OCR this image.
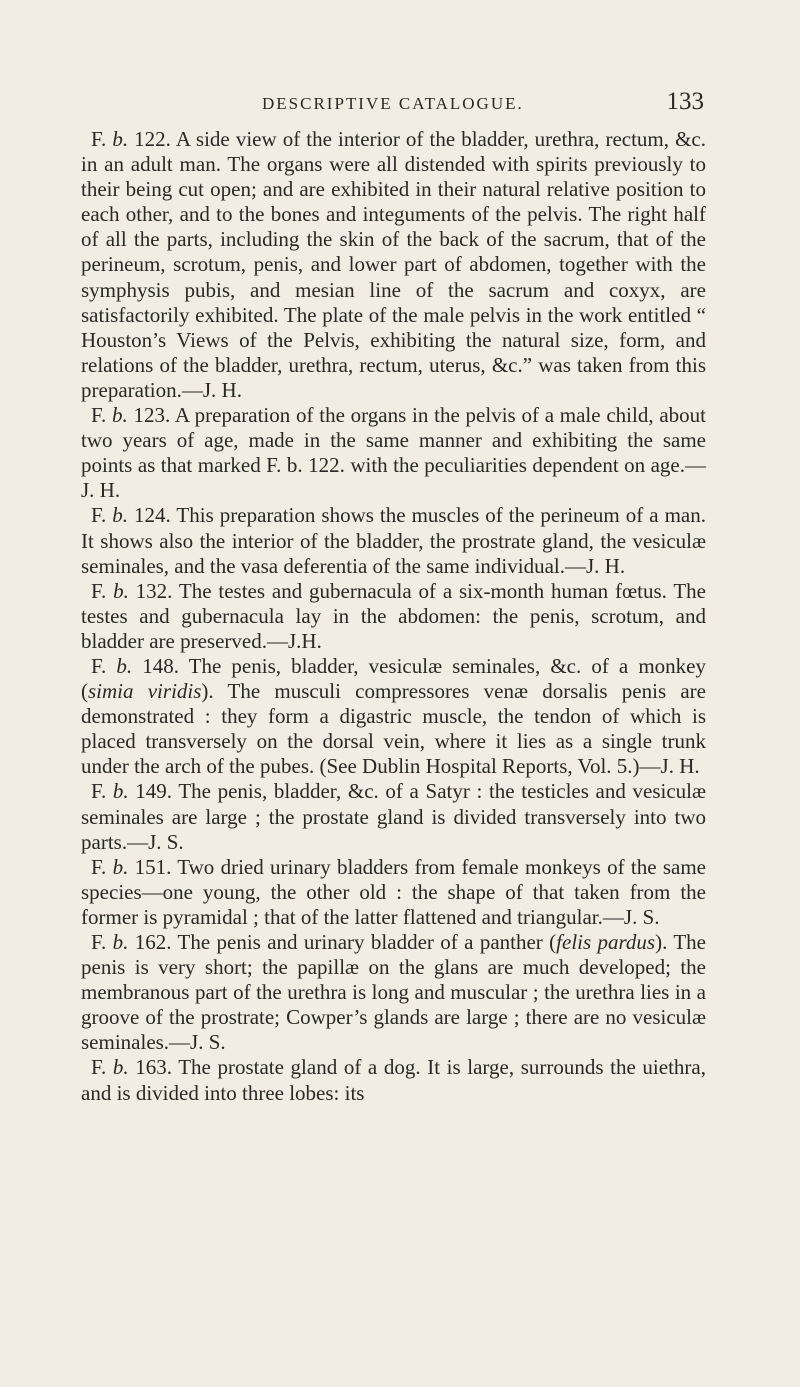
DESCRIPTIVE CATALOGUE.	133

F. b. 122. A side view of the interior of the bladder, urethra, rectum, &c. in an adult man. The organs were all distended with spirits previously to their being cut open; and are exhibited in their natural relative position to each other, and to the bones and integuments of the pelvis. The right half of all the parts, including the skin of the back of the sacrum, that of the perineum, scrotum, penis, and lower part of abdomen, together with the symphysis pubis, and mesian line of the sacrum and coxyx, are satisfactorily exhibited. The plate of the male pelvis in the work entitled “ Houston’s Views of the Pelvis, exhibiting the natural size, form, and relations of the bladder, urethra, rectum, uterus, &c.” was taken from this preparation.—J. H.

F. b. 123. A preparation of the organs in the pelvis of a male child, about two years of age, made in the same manner and exhibiting the same points as that marked F. b. 122. with the peculiarities dependent on age.—J. H.

F. b. 124. This preparation shows the muscles of the perineum of a man. It shows also the interior of the bladder, the prostrate gland, the vesiculæ seminales, and the vasa deferentia of the same individual.—J. H.

F. b. 132. The testes and gubernacula of a six-month human fœtus. The testes and gubernacula lay in the abdomen: the penis, scrotum, and bladder are preserved.—J.H.

F. b. 148. The penis, bladder, vesiculæ seminales, &c. of a monkey (simia viridis). The musculi compressores venæ dorsalis penis are demonstrated : they form a digastric muscle, the tendon of which is placed transversely on the dorsal vein, where it lies as a single trunk under the arch of the pubes. (See Dublin Hospital Reports, Vol. 5.)—J. H.

F. b. 149. The penis, bladder, &c. of a Satyr : the testicles and vesiculæ seminales are large ; the prostate gland is divided transversely into two parts.—J. S.

F. b. 151. Two dried urinary bladders from female monkeys of the same species—one young, the other old : the shape of that taken from the former is pyramidal ; that of the latter flattened and triangular.—J. S.

F. b. 162. The penis and urinary bladder of a panther (felis pardus). The penis is very short; the papillæ on the glans are much developed; the membranous part of the urethra is long and muscular ; the urethra lies in a groove of the prostrate; Cowper’s glands are large ; there are no vesiculæ seminales.—J. S.

F. b. 163. The prostate gland of a dog. It is large, surrounds the uiethra, and is divided into three lobes: its
